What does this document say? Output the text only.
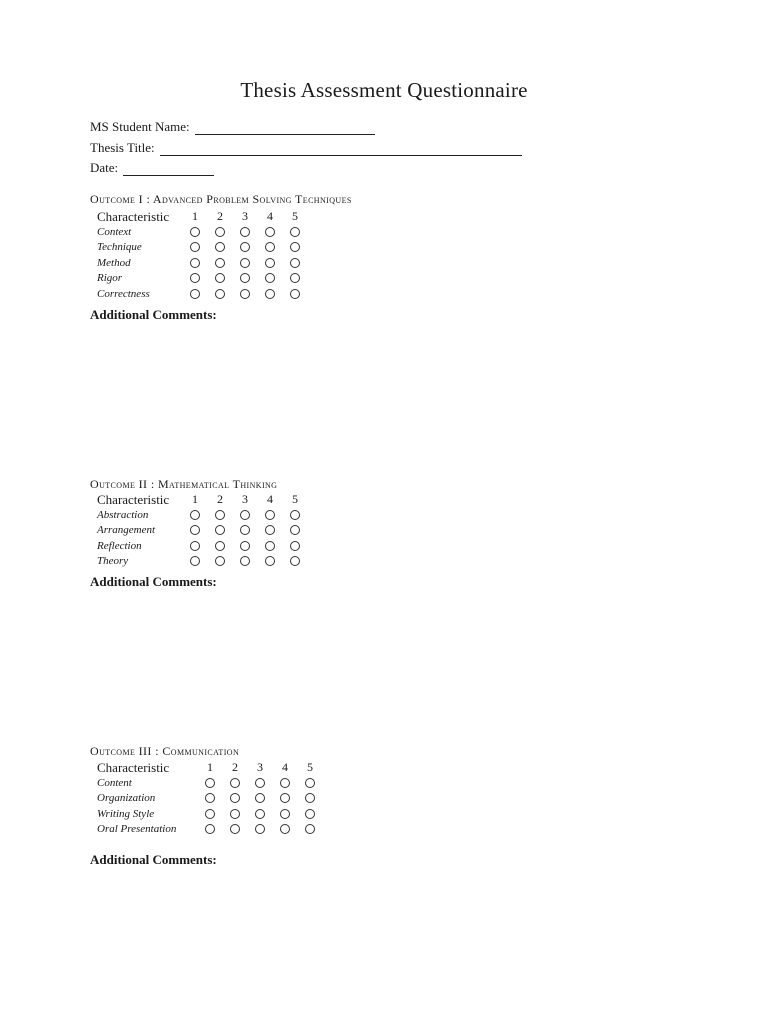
Thesis Assessment Questionnaire
MS Student Name:
Thesis Title:
Date:
Outcome I : Advanced Problem Solving Techniques
Characteristic 1 2 3 4 5
Context
Technique
Method
Rigor
Correctness
Additional Comments:
Outcome II : Mathematical Thinking
Characteristic 1 2 3 4 5
Abstraction
Arrangement
Reflection
Theory
Additional Comments:
Outcome III : Communication
Characteristic	1 2 3 4 5
Content
Organization
Writing Style
Oral Presentation
Additional Comments:
